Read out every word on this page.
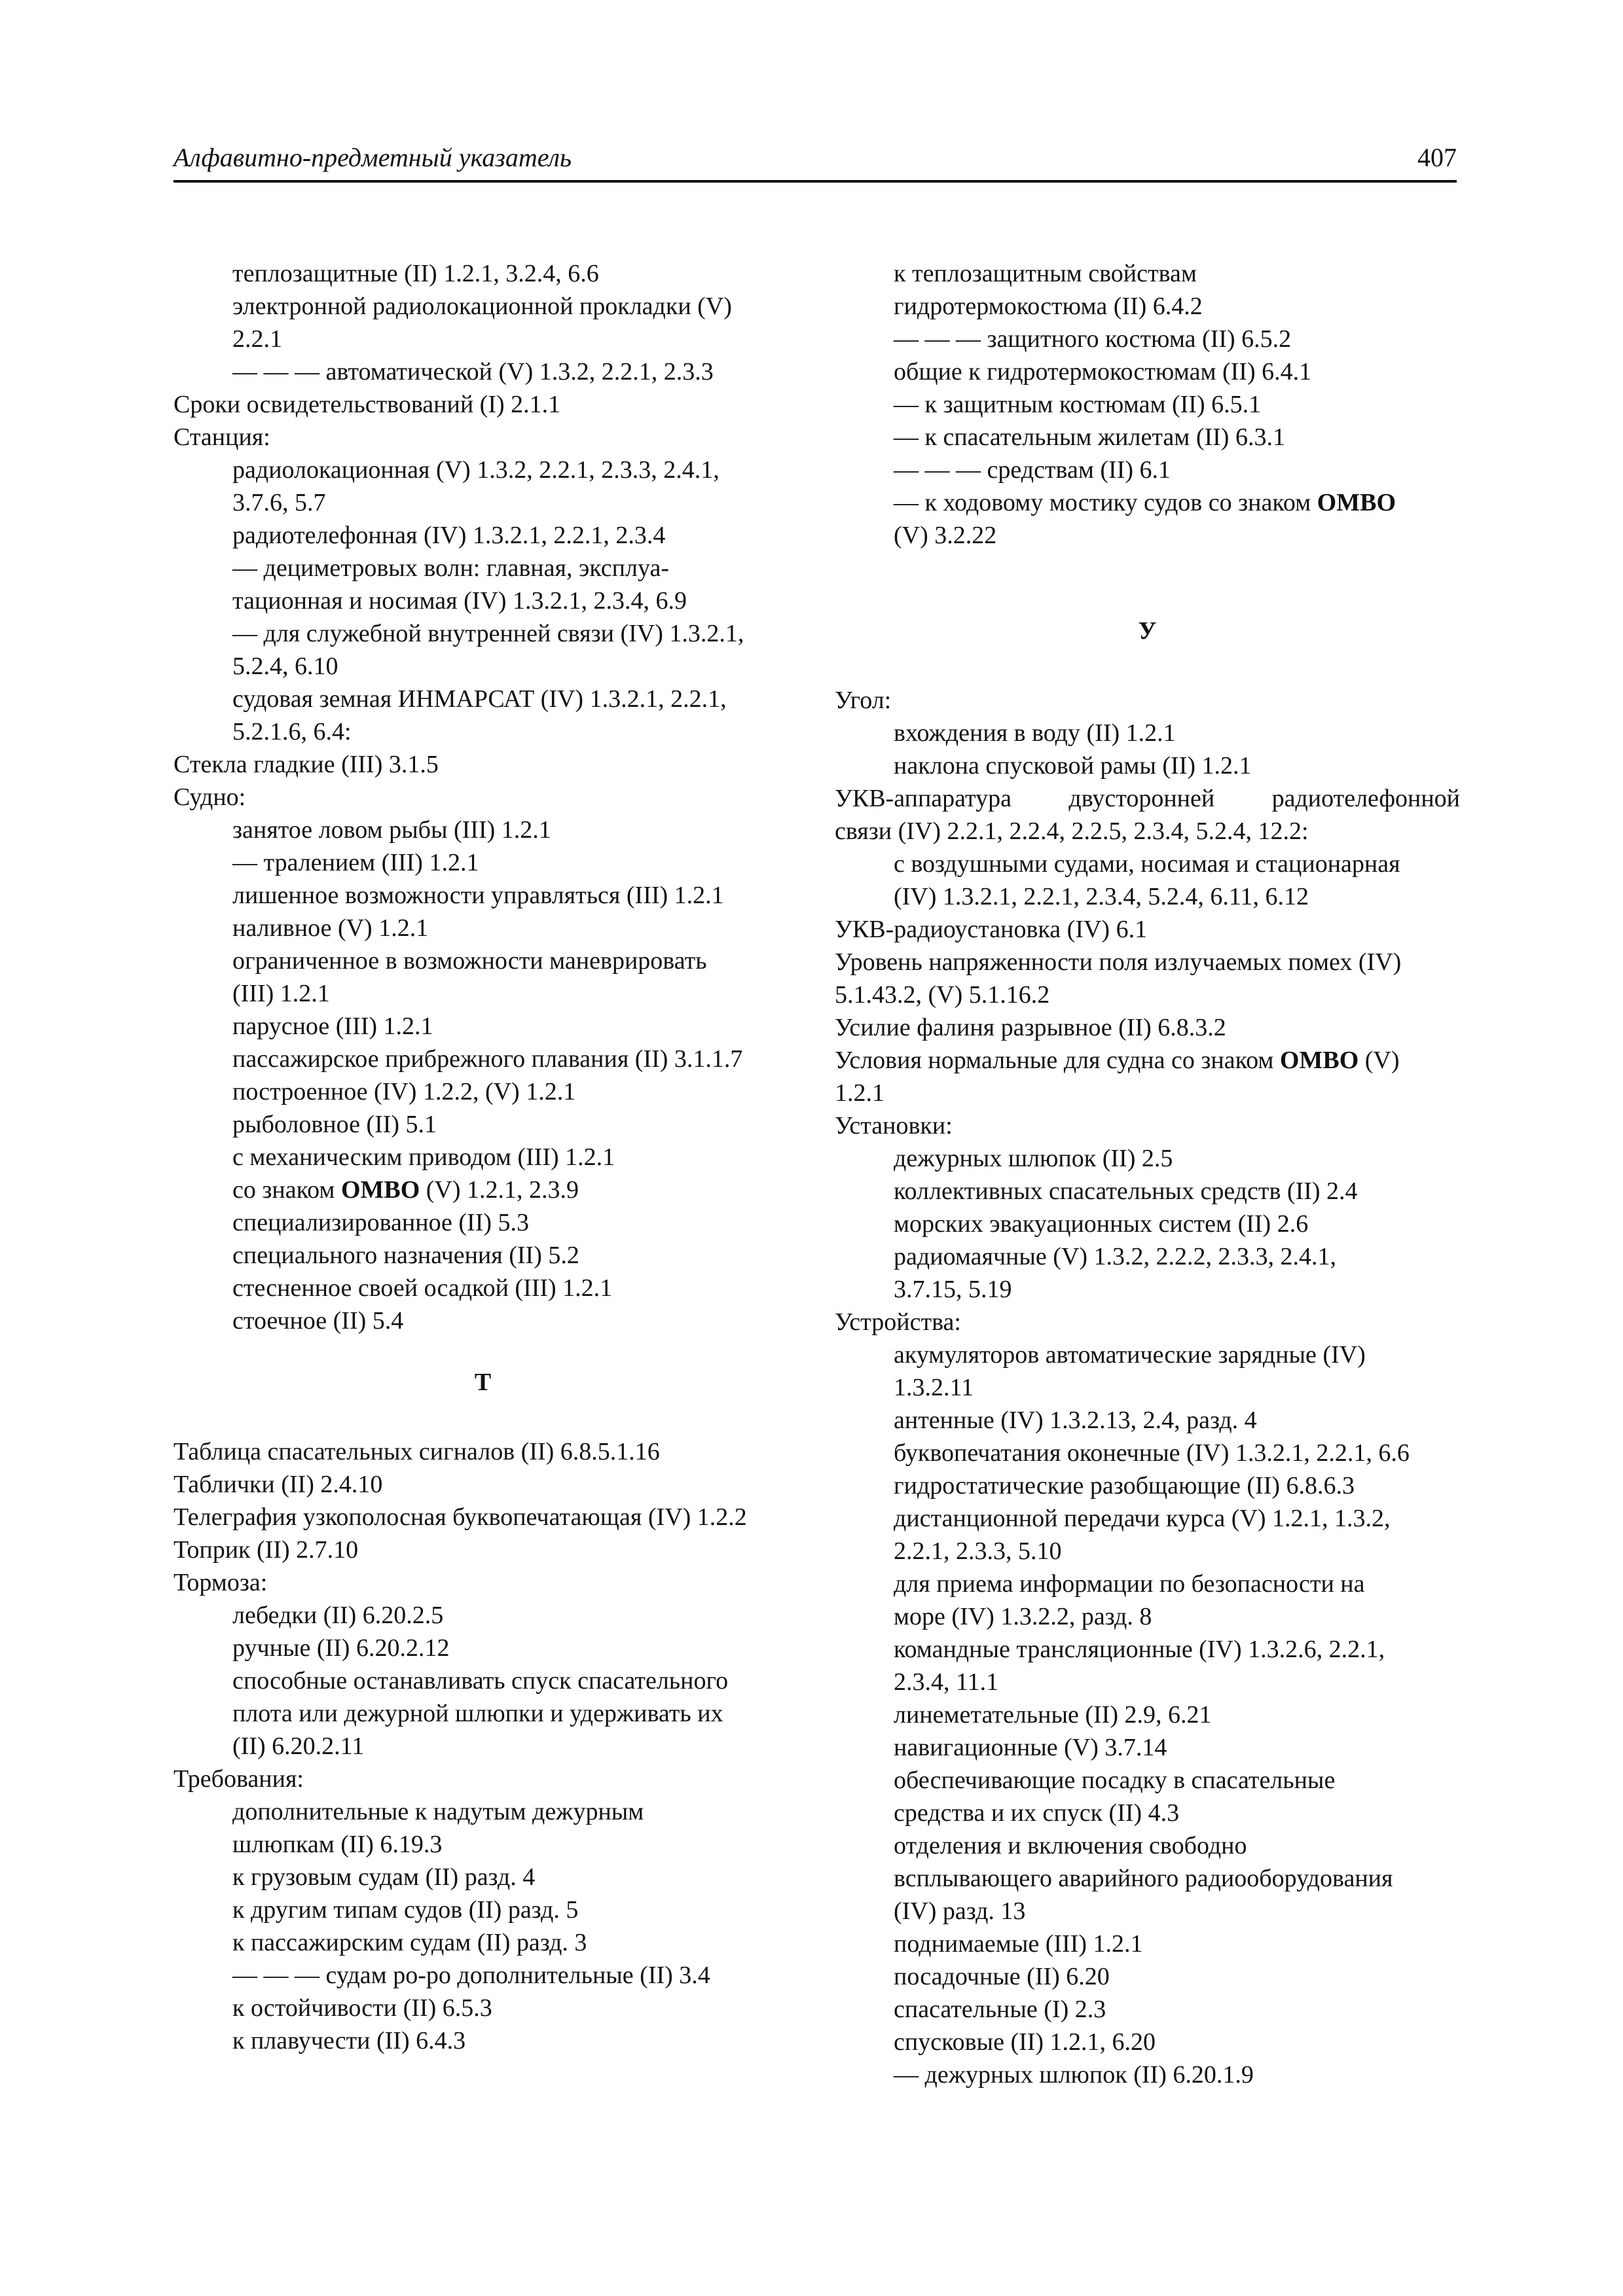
Алфавитно-предметный указатель	407

теплозащитные (II) 1.2.1, 3.2.4, 6.6

электронной радиолокационной прокладки (V)

2.2.1

— — — автоматической (V) 1.3.2, 2.2.1, 2.3.3

Сроки освидетельствований (I) 2.1.1

Станция:

радиолокационная (V) 1.3.2, 2.2.1, 2.3.3, 2.4.1,

3.7.6, 5.7

радиотелефонная (IV) 1.3.2.1, 2.2.1, 2.3.4

— дециметровых волн: главная, эксплуа-

тационная и носимая (IV) 1.3.2.1, 2.3.4, 6.9

— для служебной внутренней связи (IV) 1.3.2.1,

5.2.4, 6.10

судовая земная ИНМАРСАТ (IV) 1.3.2.1, 2.2.1,

5.2.1.6, 6.4:

Стекла гладкие (III) 3.1.5

Судно:

занятое ловом рыбы (III) 1.2.1

— тралением (III) 1.2.1

лишенное возможности управляться (III) 1.2.1

наливное (V) 1.2.1

ограниченное в возможности маневрировать

(III) 1.2.1

парусное (III) 1.2.1

пассажирское прибрежного плавания (II) 3.1.1.7

построенное (IV) 1.2.2, (V) 1.2.1

рыболовное (II) 5.1

с механическим приводом (III) 1.2.1

со знаком ОМВО (V) 1.2.1, 2.3.9

специализированное (II) 5.3

специального назначения (II) 5.2

стесненное своей осадкой (III) 1.2.1

стоечное (II) 5.4

Т

Таблица спасательных сигналов (II) 6.8.5.1.16

Таблички (II) 2.4.10

Телеграфия узкополосная буквопечатающая (IV) 1.2.2

Топрик (II) 2.7.10

Тормоза:

лебедки (II) 6.20.2.5

ручные (II) 6.20.2.12

способные останавливать спуск спасательного

плота или дежурной шлюпки и удерживать их

(II) 6.20.2.11

Требования:

дополнительные к надутым дежурным

шлюпкам (II) 6.19.3

к грузовым судам (II) разд. 4

к другим типам судов (II) разд. 5

к пассажирским судам (II) разд. 3

— — — судам ро-ро дополнительные (II) 3.4

к остойчивости (II) 6.5.3

к плавучести (II) 6.4.3

к теплозащитным свойствам

гидротермокостюма (II) 6.4.2

— — — защитного костюма (II) 6.5.2

общие к гидротермокостюмам (II) 6.4.1

— к защитным костюмам (II) 6.5.1

— к спасательным жилетам (II) 6.3.1

— — — средствам (II) 6.1

— к ходовому мостику судов со знаком ОМВО

(V) 3.2.22

У

Угол:

вхождения в воду (II) 1.2.1

наклона спусковой рамы (II) 1.2.1

УКВ-аппаратура двусторонней радиотелефонной

связи (IV) 2.2.1, 2.2.4, 2.2.5, 2.3.4, 5.2.4, 12.2:

с воздушными судами, носимая и стационарная

(IV) 1.3.2.1, 2.2.1, 2.3.4, 5.2.4, 6.11, 6.12

УКВ-радиоустановка (IV) 6.1

Уровень напряженности поля излучаемых помех (IV)

5.1.43.2, (V) 5.1.16.2

Усилие фалиня разрывное (II) 6.8.3.2

Условия нормальные для судна со знаком ОМВО (V)

1.2.1

Установки:

дежурных шлюпок (II) 2.5

коллективных спасательных средств (II) 2.4

морских эвакуационных систем (II) 2.6

радиомаячные (V) 1.3.2, 2.2.2, 2.3.3, 2.4.1,

3.7.15, 5.19

Устройства:

акумуляторов автоматические зарядные (IV)

1.3.2.11

антенные (IV) 1.3.2.13, 2.4, разд. 4

буквопечатания оконечные (IV) 1.3.2.1, 2.2.1, 6.6

гидростатические разобщающие (II) 6.8.6.3

дистанционной передачи курса (V) 1.2.1, 1.3.2,

2.2.1, 2.3.3, 5.10

для приема информации по безопасности на

море (IV) 1.3.2.2, разд. 8

командные трансляционные (IV) 1.3.2.6, 2.2.1,

2.3.4, 11.1

линеметательные (II) 2.9, 6.21

навигационные (V) 3.7.14

обеспечивающие посадку в спасательные

средства и их спуск (II) 4.3

отделения и включения свободно

всплывающего аварийного радиооборудования

(IV) разд. 13

поднимаемые (III) 1.2.1

посадочные (II) 6.20

спасательные (I) 2.3

спусковые (II) 1.2.1, 6.20

— дежурных шлюпок (II) 6.20.1.9
